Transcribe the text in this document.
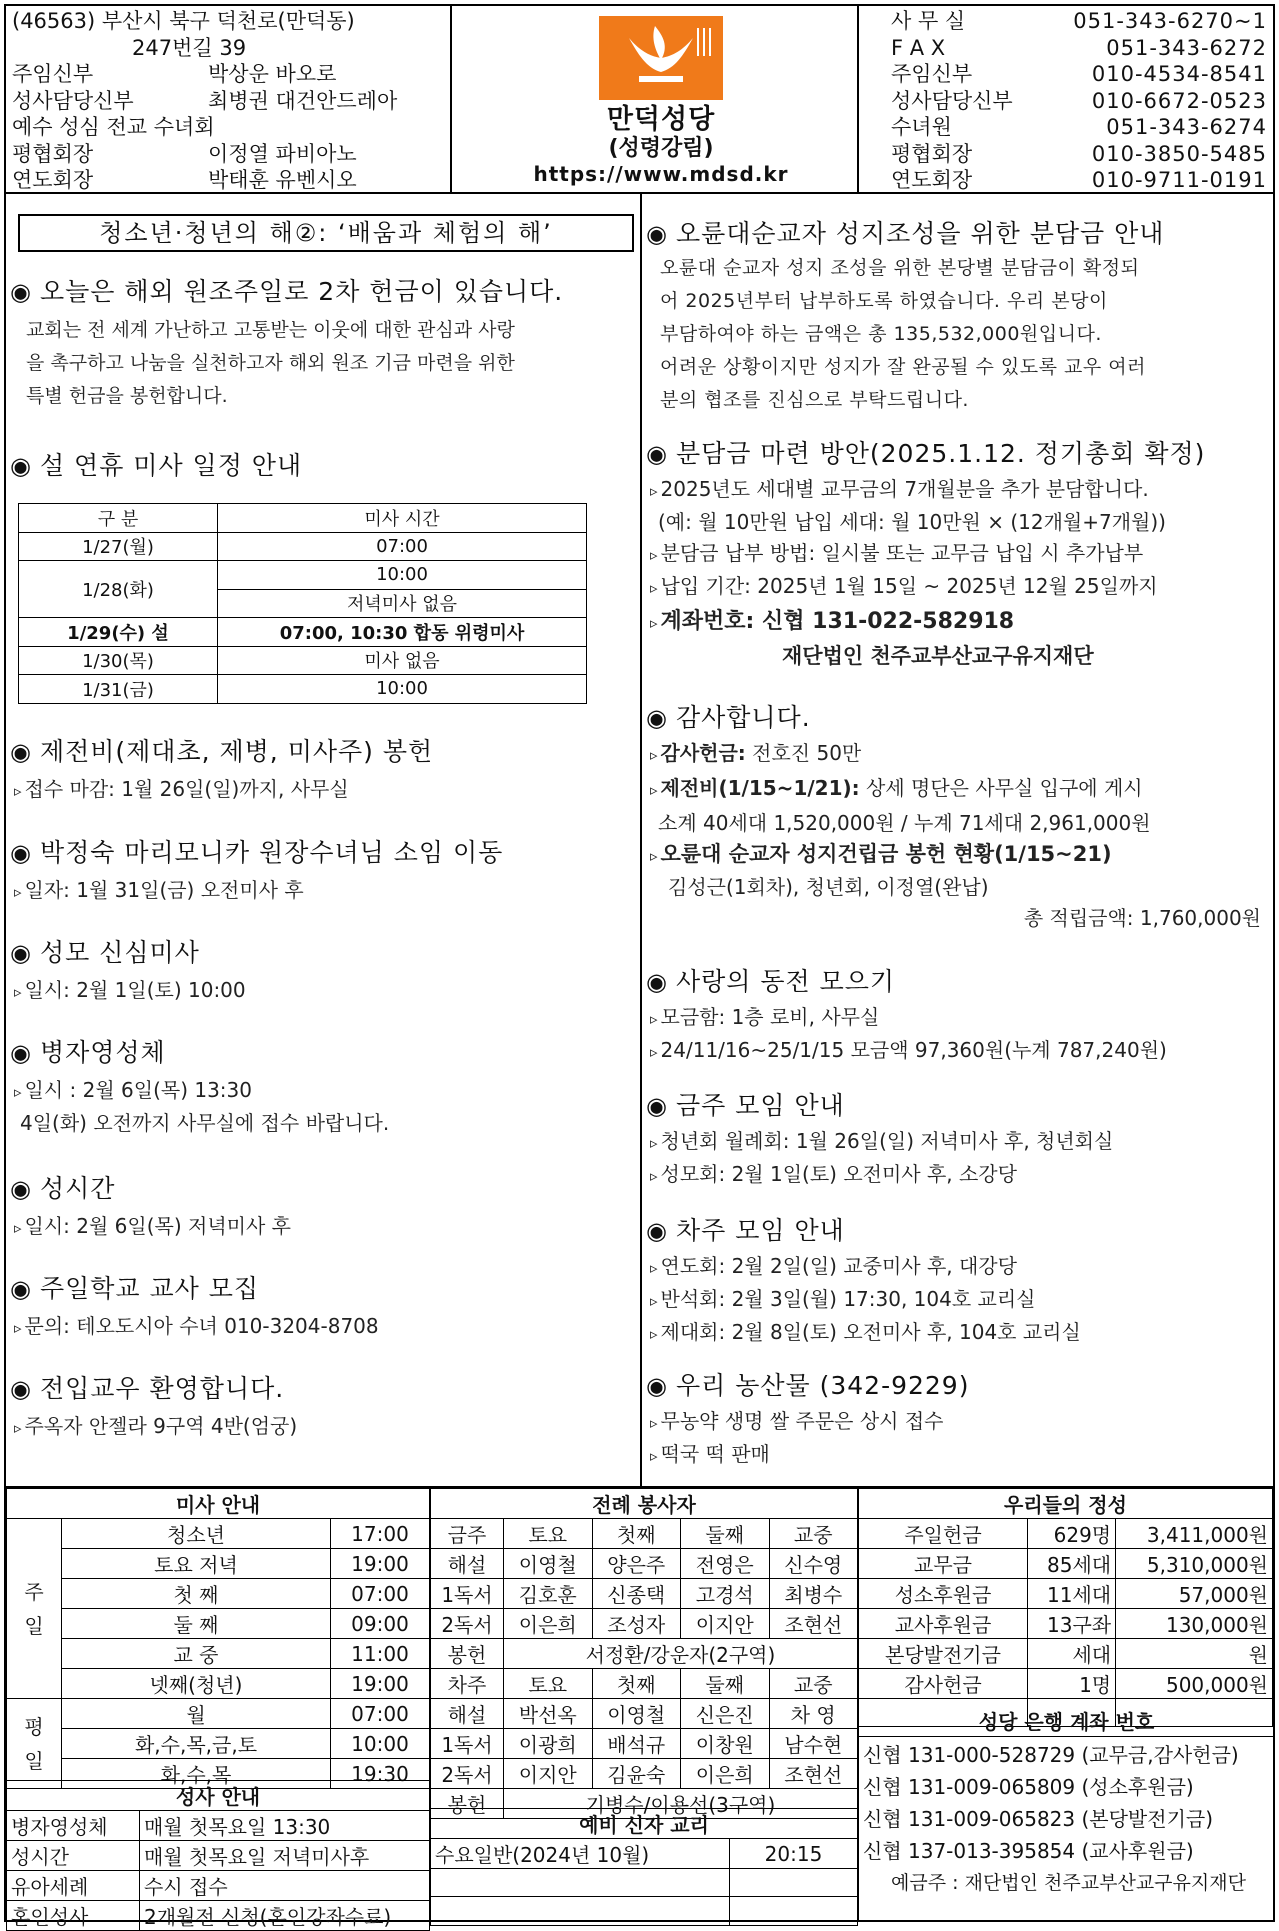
(46563) 부산시 북구 덕천로(만덕동)
247번길 39
주임신부	박상운 바오로
성사담당신부	최병권 대건안드레아
예수 성심 전교 수녀회
평협회장	이정열 파비아노
연도회장	박태훈 유벤시오
만덕성당
(성령강림)
https://www.mdsd.kr
사 무 실	051-343-6270~1
F A X	051-343-6272
주임신부	010-4534-8541
성사담당신부	010-6672-0523
수녀원	051-343-6274
평협회장	010-3850-5485
연도회장	010-9711-0191
청소년·청년의 해②: ‘배움과 체험의 해’
◉ 오늘은 해외 원조주일로 2차 헌금이 있습니다.
교회는 전 세계 가난하고 고통받는 이웃에 대한 관심과 사랑
을 촉구하고 나눔을 실천하고자 해외 원조 기금 마련을 위한
특별 헌금을 봉헌합니다.
◉ 설 연휴 미사 일정 안내
구 분	미사 시간
1/27(월)	07:00
1/28(화)	10:00
	저녁미사 없음
1/29(수) 설	07:00, 10:30 합동 위령미사
1/30(목)	미사 없음
1/31(금)	10:00
◉ 제전비(제대초, 제병, 미사주) 봉헌
▹ 접수 마감: 1월 26일(일)까지, 사무실
◉ 박정숙 마리모니카 원장수녀님 소임 이동
▹ 일자: 1월 31일(금) 오전미사 후
◉ 성모 신심미사
▹ 일시: 2월 1일(토) 10:00
◉ 병자영성체
▹ 일시 : 2월 6일(목) 13:30
4일(화) 오전까지 사무실에 접수 바랍니다.
◉ 성시간
▹ 일시: 2월 6일(목) 저녁미사 후
◉ 주일학교 교사 모집
▹ 문의: 테오도시아 수녀 010-3204-8708
◉ 전입교우 환영합니다.
▹ 주옥자 안젤라 9구역 4반(엄궁)
◉ 오륜대순교자 성지조성을 위한 분담금 안내
오륜대 순교자 성지 조성을 위한 본당별 분담금이 확정되
어 2025년부터 납부하도록 하였습니다. 우리 본당이
부담하여야 하는 금액은 총 135,532,000원입니다.
어려운 상황이지만 성지가 잘 완공될 수 있도록 교우 여러
분의 협조를 진심으로 부탁드립니다.
◉ 분담금 마련 방안(2025.1.12. 정기총회 확정)
▹ 2025년도 세대별 교무금의 7개월분을 추가 분담합니다.
(예: 월 10만원 납입 세대: 월 10만원 × (12개월+7개월))
▹ 분담금 납부 방법: 일시불 또는 교무금 납입 시 추가납부
▹ 납입 기간: 2025년 1월 15일 ~ 2025년 12월 25일까지
▹ 계좌번호: 신협 131-022-582918
재단법인 천주교부산교구유지재단
◉ 감사합니다.
▹ 감사헌금: 전호진 50만
▹ 제전비(1/15~1/21): 상세 명단은 사무실 입구에 게시
소계 40세대 1,520,000원 / 누계 71세대 2,961,000원
▹ 오륜대 순교자 성지건립금 봉헌 현황(1/15~21)
김성근(1회차), 청년회, 이정열(완납)
총 적립금액: 1,760,000원
◉ 사랑의 동전 모으기
▹ 모금함: 1층 로비, 사무실
▹ 24/11/16~25/1/15 모금액 97,360원(누계 787,240원)
◉ 금주 모임 안내
▹ 청년회 월례회: 1월 26일(일) 저녁미사 후, 청년회실
▹ 성모회: 2월 1일(토) 오전미사 후, 소강당
◉ 차주 모임 안내
▹ 연도회: 2월 2일(일) 교중미사 후, 대강당
▹ 반석회: 2월 3일(월) 17:30, 104호 교리실
▹ 제대회: 2월 8일(토) 오전미사 후, 104호 교리실
◉ 우리 농산물 (342-9229)
▹ 무농약 생명 쌀 주문은 상시 접수
▹ 떡국 떡 판매
미사 안내		

주
일	청소년	17:00
	토요 저녁	19:00
	첫 째	07:00
	둘 째	09:00
	교 중	11:00
	넷째(청년)	19:00

평
일	월	07:00
	화,수,목,금,토	10:00
	화,수,목	19:30
성사 안내	
병자영성체	매월 첫목요일 13:30
성시간	매월 첫목요일 저녁미사후
유아세례	수시 접수
혼인성사	2개월전 신청(혼인강좌수료)
전례 봉사자				
금주	토요	첫째	둘째	교중
해설	이영철	양은주	전영은	신수영
1독서	김호훈	신종택	고경석	최병수
2독서	이은희	조성자	이지안	조현선
봉헌	서정환/강운자(2구역)			
차주	토요	첫째	둘째	교중
해설	박선옥	이영철	신은진	차 영
1독서	이광희	배석규	이창원	남수현
2독서	이지안	김윤숙	이은희	조현선
봉헌	기병수/이용선(3구역)			
예비 신자 교리	
수요일반(2024년 10월)	20:15

우리들의 정성		
주일헌금	629명	3,411,000원
교무금	85세대	5,310,000원
성소후원금	11세대	57,000원
교사후원금	13구좌	130,000원
본당발전기금	세대	원
감사헌금	1명	500,000원

성당 은행 계좌 번호
신협 131-000-528729 (교무금,감사헌금)
신협 131-009-065809 (성소후원금)
신협 131-009-065823 (본당발전기금)
신협 137-013-395854 (교사후원금)
예금주 : 재단법인 천주교부산교구유지재단
